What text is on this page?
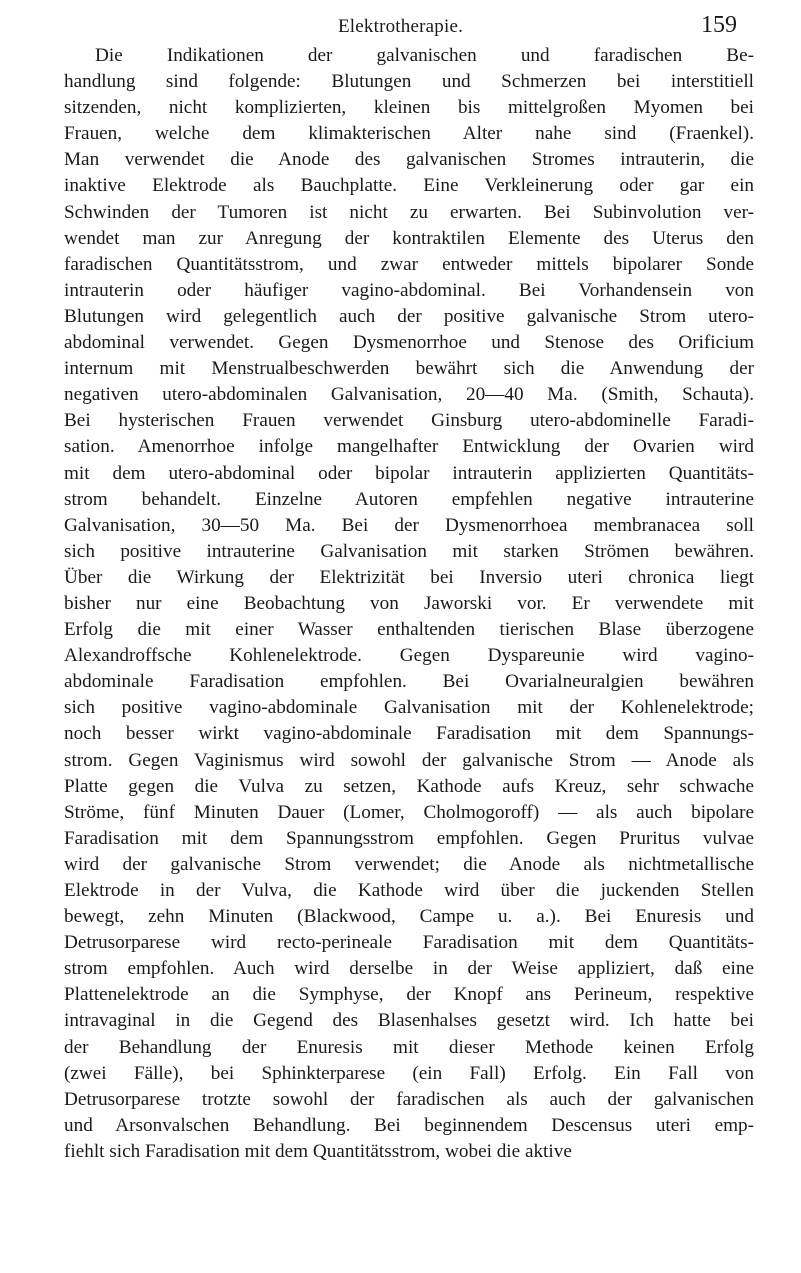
Elektrotherapie.	159
Die Indikationen der galvanischen und faradischen Be-
handlung sind folgende: Blutungen und Schmerzen bei interstitiell
sitzenden, nicht komplizierten, kleinen bis mittelgroßen Myomen bei
Frauen, welche dem klimakterischen Alter nahe sind (Fraenkel).
Man verwendet die Anode des galvanischen Stromes intrauterin, die
inaktive Elektrode als Bauchplatte. Eine Verkleinerung oder gar ein
Schwinden der Tumoren ist nicht zu erwarten. Bei Subinvolution ver-
wendet man zur Anregung der kontraktilen Elemente des Uterus den
faradischen Quantitätsstrom, und zwar entweder mittels bipolarer Sonde
intrauterin oder häufiger vagino-abdominal. Bei Vorhandensein von
Blutungen wird gelegentlich auch der positive galvanische Strom utero-
abdominal verwendet. Gegen Dysmenorrhoe und Stenose des Orificium
internum mit Menstrualbeschwerden bewährt sich die Anwendung der
negativen utero-abdominalen Galvanisation, 20—40 Ma. (Smith, Schauta).
Bei hysterischen Frauen verwendet Ginsburg utero-abdominelle Faradi-
sation. Amenorrhoe infolge mangelhafter Entwicklung der Ovarien wird
mit dem utero-abdominal oder bipolar intrauterin applizierten Quantitäts-
strom behandelt. Einzelne Autoren empfehlen negative intrauterine
Galvanisation, 30—50 Ma. Bei der Dysmenorrhoea membranacea soll
sich positive intrauterine Galvanisation mit starken Strömen bewähren.
Über die Wirkung der Elektrizität bei Inversio uteri chronica liegt
bisher nur eine Beobachtung von Jaworski vor. Er verwendete mit
Erfolg die mit einer Wasser enthaltenden tierischen Blase überzogene
Alexandroffsche Kohlenelektrode. Gegen Dyspareunie wird vagino-
abdominale Faradisation empfohlen. Bei Ovarialneuralgien bewähren
sich positive vagino-abdominale Galvanisation mit der Kohlenelektrode;
noch besser wirkt vagino-abdominale Faradisation mit dem Spannungs-
strom. Gegen Vaginismus wird sowohl der galvanische Strom — Anode als
Platte gegen die Vulva zu setzen, Kathode aufs Kreuz, sehr schwache
Ströme, fünf Minuten Dauer (Lomer, Cholmogoroff) — als auch bipolare
Faradisation mit dem Spannungsstrom empfohlen. Gegen Pruritus vulvae
wird der galvanische Strom verwendet; die Anode als nichtmetallische
Elektrode in der Vulva, die Kathode wird über die juckenden Stellen
bewegt, zehn Minuten (Blackwood, Campe u. a.). Bei Enuresis und
Detrusorparese wird recto-perineale Faradisation mit dem Quantitäts-
strom empfohlen. Auch wird derselbe in der Weise appliziert, daß eine
Plattenelektrode an die Symphyse, der Knopf ans Perineum, respektive
intravaginal in die Gegend des Blasenhalses gesetzt wird. Ich hatte bei
der Behandlung der Enuresis mit dieser Methode keinen Erfolg
(zwei Fälle), bei Sphinkterparese (ein Fall) Erfolg. Ein Fall von
Detrusorparese trotzte sowohl der faradischen als auch der galvanischen
und Arsonvalschen Behandlung. Bei beginnendem Descensus uteri emp-
fiehlt sich Faradisation mit dem Quantitätsstrom, wobei die aktive
